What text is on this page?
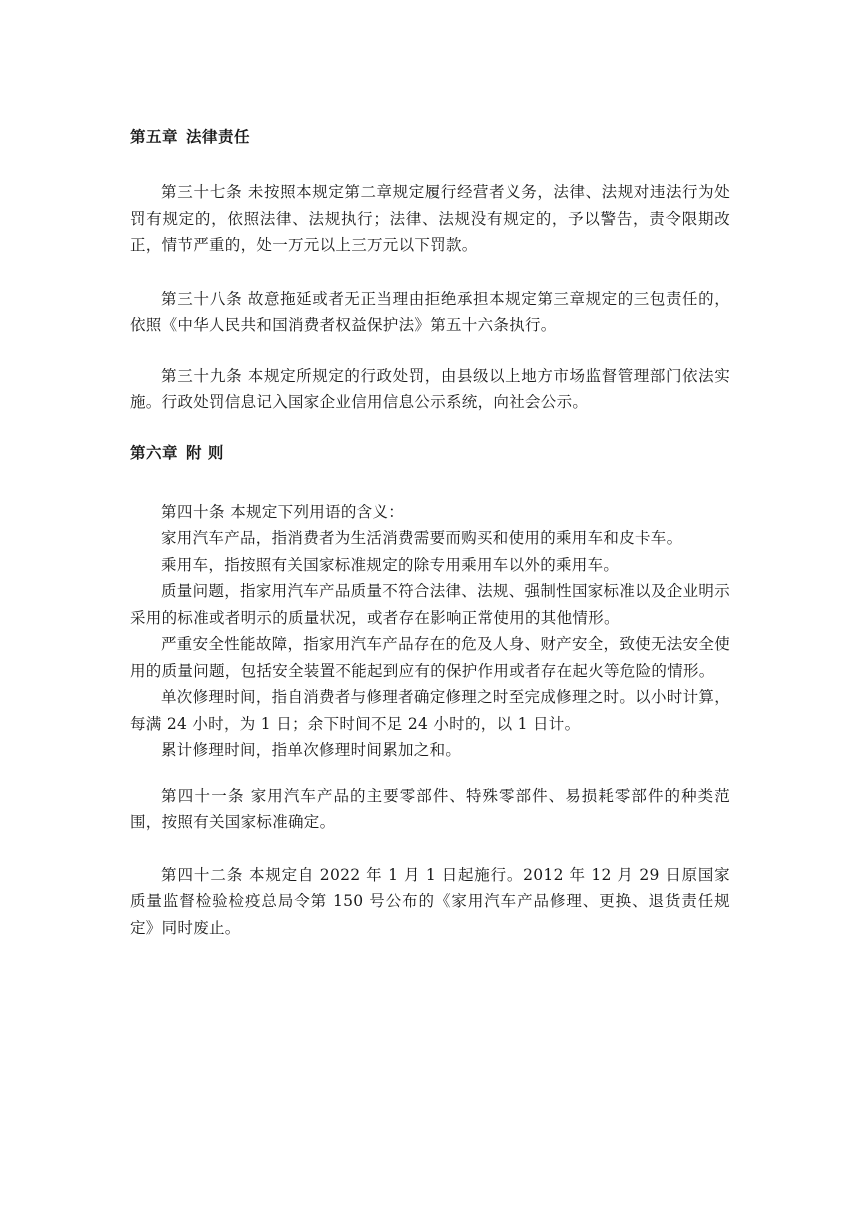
第五章 法律责任

第三十七条 未按照本规定第二章规定履行经营者义务，法律、法规对违法行为处罚有规定的，依照法律、法规执行；法律、法规没有规定的，予以警告，责令限期改正，情节严重的，处一万元以上三万元以下罚款。

第三十八条 故意拖延或者无正当理由拒绝承担本规定第三章规定的三包责任的，依照《中华人民共和国消费者权益保护法》第五十六条执行。

第三十九条 本规定所规定的行政处罚，由县级以上地方市场监督管理部门依法实施。行政处罚信息记入国家企业信用信息公示系统，向社会公示。

第六章 附 则

第四十条 本规定下列用语的含义：

家用汽车产品，指消费者为生活消费需要而购买和使用的乘用车和皮卡车。

乘用车，指按照有关国家标准规定的除专用乘用车以外的乘用车。

质量问题，指家用汽车产品质量不符合法律、法规、强制性国家标准以及企业明示采用的标准或者明示的质量状况，或者存在影响正常使用的其他情形。

严重安全性能故障，指家用汽车产品存在的危及人身、财产安全，致使无法安全使用的质量问题，包括安全装置不能起到应有的保护作用或者存在起火等危险的情形。

单次修理时间，指自消费者与修理者确定修理之时至完成修理之时。以小时计算，每满 24 小时，为 1 日；余下时间不足 24 小时的，以 1 日计。

累计修理时间，指单次修理时间累加之和。

第四十一条 家用汽车产品的主要零部件、特殊零部件、易损耗零部件的种类范围，按照有关国家标准确定。

第四十二条 本规定自 2022 年 1 月 1 日起施行。2012 年 12 月 29 日原国家质量监督检验检疫总局令第 150 号公布的《家用汽车产品修理、更换、退货责任规定》同时废止。
